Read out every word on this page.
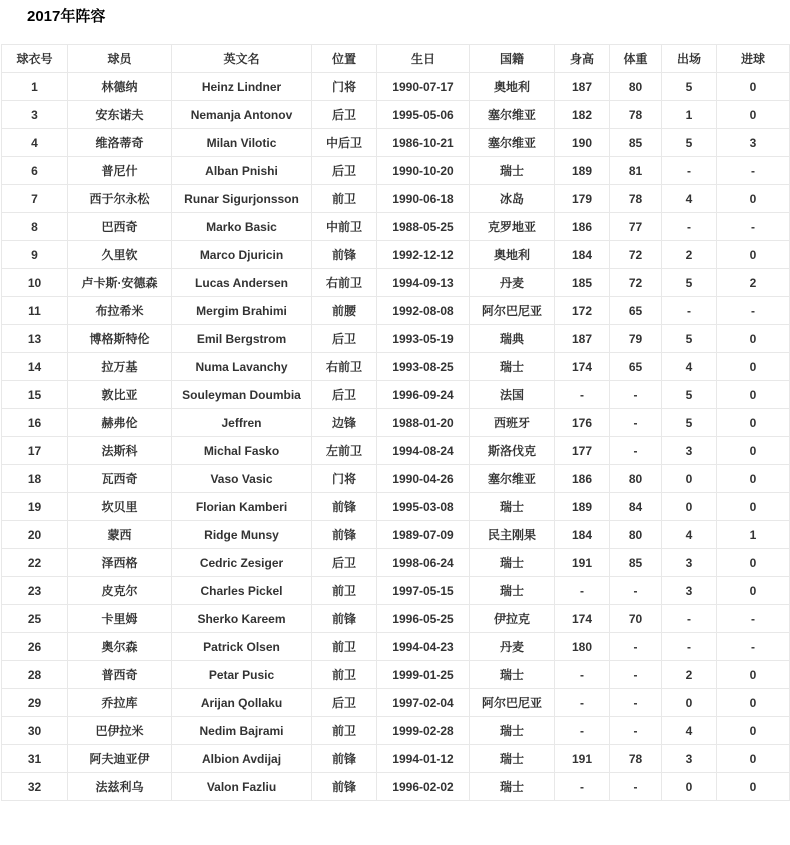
2017年阵容
球衣号	球员	英文名	位置	生日	国籍	身高	体重	出场	进球
1	林德纳	Heinz Lindner	门将	1990-07-17	奥地利	187	80	5	0
3	安东诺夫	Nemanja Antonov	后卫	1995-05-06	塞尔维亚	182	78	1	0
4	维洛蒂奇	Milan Vilotic	中后卫	1986-10-21	塞尔维亚	190	85	5	3
6	普尼什	Alban Pnishi	后卫	1990-10-20	瑞士	189	81	-	-
7	西于尔永松	Runar Sigurjonsson	前卫	1990-06-18	冰岛	179	78	4	0
8	巴西奇	Marko Basic	中前卫	1988-05-25	克罗地亚	186	77	-	-
9	久里钦	Marco Djuricin	前锋	1992-12-12	奥地利	184	72	2	0
10	卢卡斯·安德森	Lucas Andersen	右前卫	1994-09-13	丹麦	185	72	5	2
11	布拉希米	Mergim Brahimi	前腰	1992-08-08	阿尔巴尼亚	172	65	-	-
13	博格斯特伦	Emil Bergstrom	后卫	1993-05-19	瑞典	187	79	5	0
14	拉万基	Numa Lavanchy	右前卫	1993-08-25	瑞士	174	65	4	0
15	敦比亚	Souleyman Doumbia	后卫	1996-09-24	法国	-	-	5	0
16	赫弗伦	Jeffren	边锋	1988-01-20	西班牙	176	-	5	0
17	法斯科	Michal Fasko	左前卫	1994-08-24	斯洛伐克	177	-	3	0
18	瓦西奇	Vaso Vasic	门将	1990-04-26	塞尔维亚	186	80	0	0
19	坎贝里	Florian Kamberi	前锋	1995-03-08	瑞士	189	84	0	0
20	蒙西	Ridge Munsy	前锋	1989-07-09	民主刚果	184	80	4	1
22	泽西格	Cedric Zesiger	后卫	1998-06-24	瑞士	191	85	3	0
23	皮克尔	Charles Pickel	前卫	1997-05-15	瑞士	-	-	3	0
25	卡里姆	Sherko Kareem	前锋	1996-05-25	伊拉克	174	70	-	-
26	奥尔森	Patrick Olsen	前卫	1994-04-23	丹麦	180	-	-	-
28	普西奇	Petar Pusic	前卫	1999-01-25	瑞士	-	-	2	0
29	乔拉库	Arijan Qollaku	后卫	1997-02-04	阿尔巴尼亚	-	-	0	0
30	巴伊拉米	Nedim Bajrami	前卫	1999-02-28	瑞士	-	-	4	0
31	阿夫迪亚伊	Albion Avdijaj	前锋	1994-01-12	瑞士	191	78	3	0
32	法兹利乌	Valon Fazliu	前锋	1996-02-02	瑞士	-	-	0	0
